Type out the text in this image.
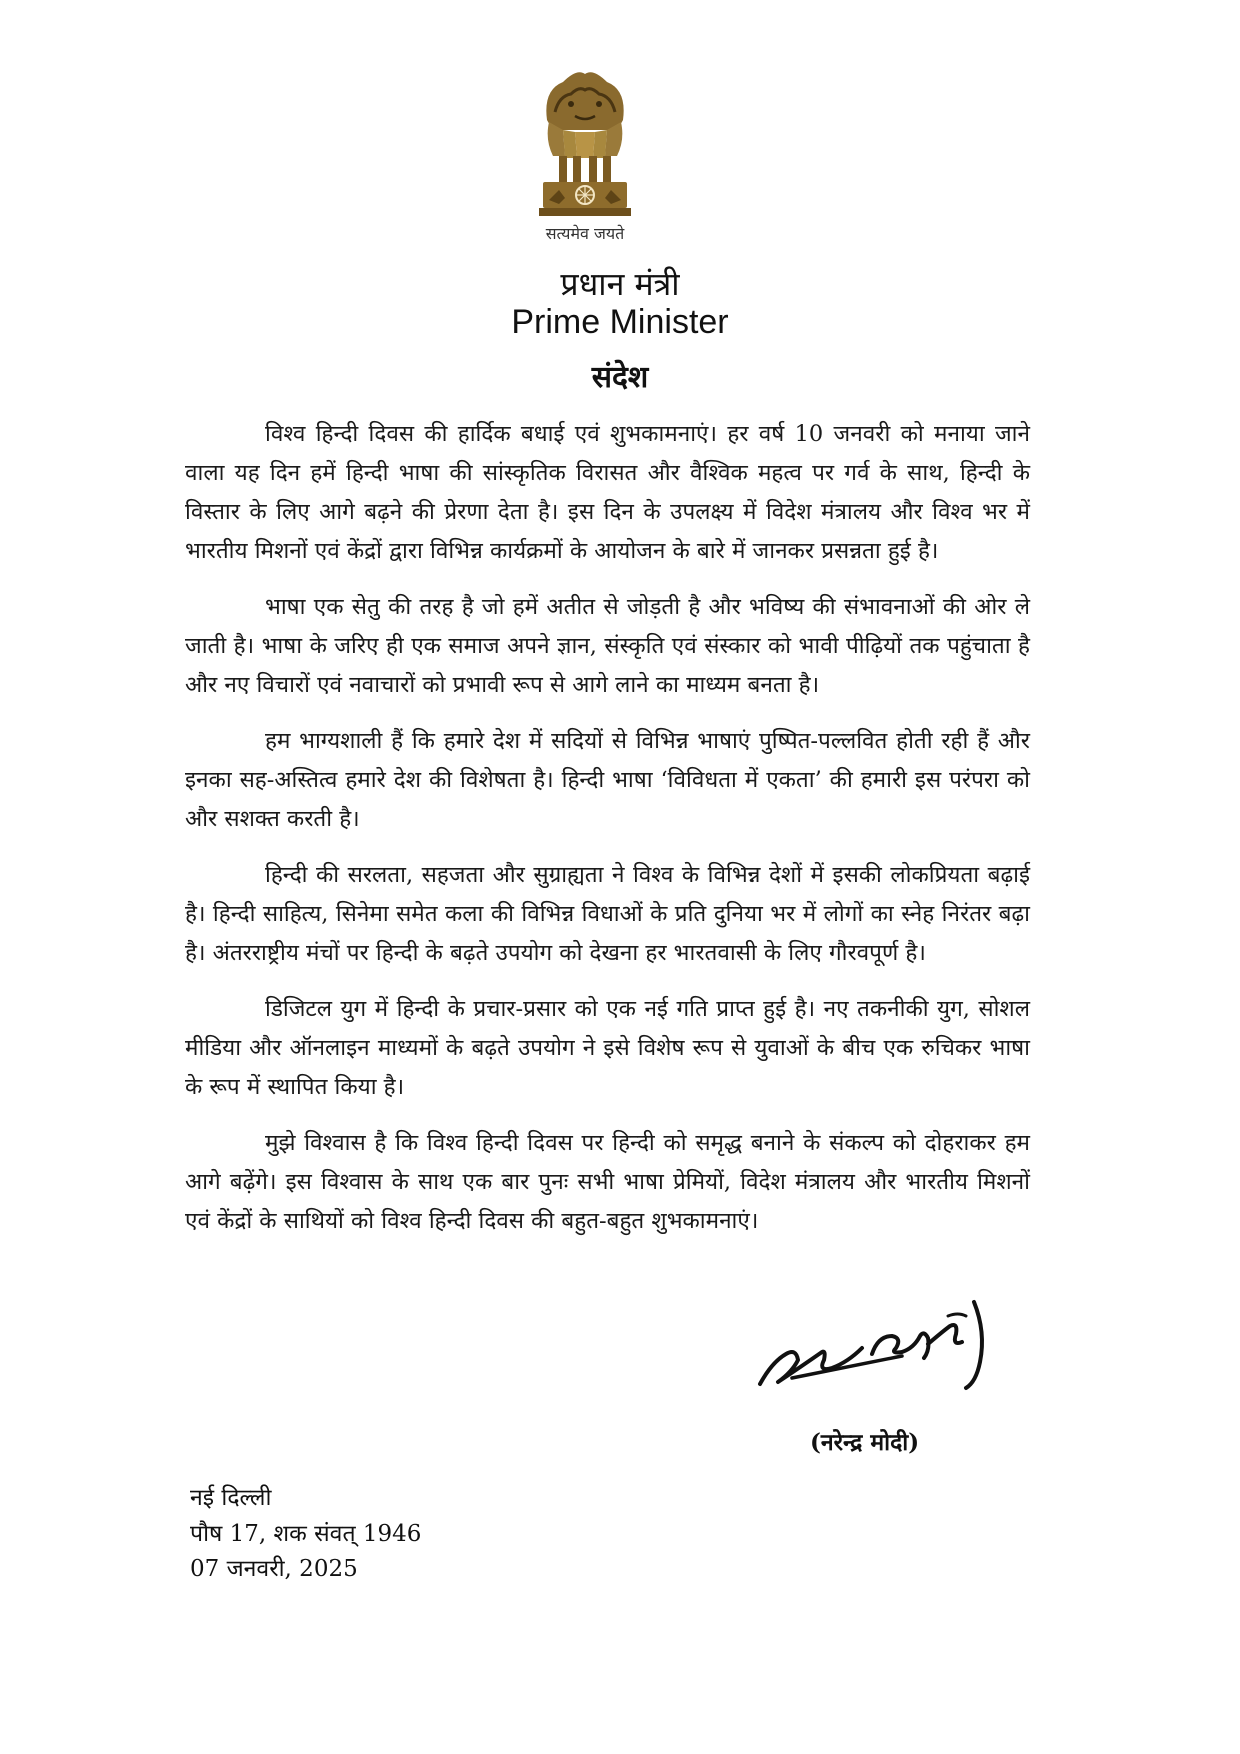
सत्यमेव जयते
प्रधान मंत्री
Prime Minister
संदेश

विश्व हिन्दी दिवस की हार्दिक बधाई एवं शुभकामनाएं। हर वर्ष 10 जनवरी को मनाया जाने वाला यह दिन हमें हिन्दी भाषा की सांस्कृतिक विरासत और वैश्विक महत्व पर गर्व के साथ, हिन्दी के विस्तार के लिए आगे बढ़ने की प्रेरणा देता है। इस दिन के उपलक्ष्य में विदेश मंत्रालय और विश्व भर में भारतीय मिशनों एवं केंद्रों द्वारा विभिन्न कार्यक्रमों के आयोजन के बारे में जानकर प्रसन्नता हुई है।

भाषा एक सेतु की तरह है जो हमें अतीत से जोड़ती है और भविष्य की संभावनाओं की ओर ले जाती है। भाषा के जरिए ही एक समाज अपने ज्ञान, संस्कृति एवं संस्कार को भावी पीढ़ियों तक पहुंचाता है और नए विचारों एवं नवाचारों को प्रभावी रूप से आगे लाने का माध्यम बनता है।

हम भाग्यशाली हैं कि हमारे देश में सदियों से विभिन्न भाषाएं पुष्पित-पल्लवित होती रही हैं और इनका सह-अस्तित्व हमारे देश की विशेषता है। हिन्दी भाषा ‘विविधता में एकता’ की हमारी इस परंपरा को और सशक्त करती है।

हिन्दी की सरलता, सहजता और सुग्राह्यता ने विश्व के विभिन्न देशों में इसकी लोकप्रियता बढ़ाई है। हिन्दी साहित्य, सिनेमा समेत कला की विभिन्न विधाओं के प्रति दुनिया भर में लोगों का स्नेह निरंतर बढ़ा है। अंतरराष्ट्रीय मंचों पर हिन्दी के बढ़ते उपयोग को देखना हर भारतवासी के लिए गौरवपूर्ण है।

डिजिटल युग में हिन्दी के प्रचार-प्रसार को एक नई गति प्राप्त हुई है। नए तकनीकी युग, सोशल मीडिया और ऑनलाइन माध्यमों के बढ़ते उपयोग ने इसे विशेष रूप से युवाओं के बीच एक रुचिकर भाषा के रूप में स्थापित किया है।

मुझे विश्वास है कि विश्व हिन्दी दिवस पर हिन्दी को समृद्ध बनाने के संकल्प को दोहराकर हम आगे बढ़ेंगे। इस विश्वास के साथ एक बार पुनः सभी भाषा प्रेमियों, विदेश मंत्रालय और भारतीय मिशनों एवं केंद्रों के साथियों को विश्व हिन्दी दिवस की बहुत-बहुत शुभकामनाएं।

(नरेन्द्र मोदी)
नई दिल्ली
पौष 17, शक संवत् 1946
07 जनवरी, 2025
